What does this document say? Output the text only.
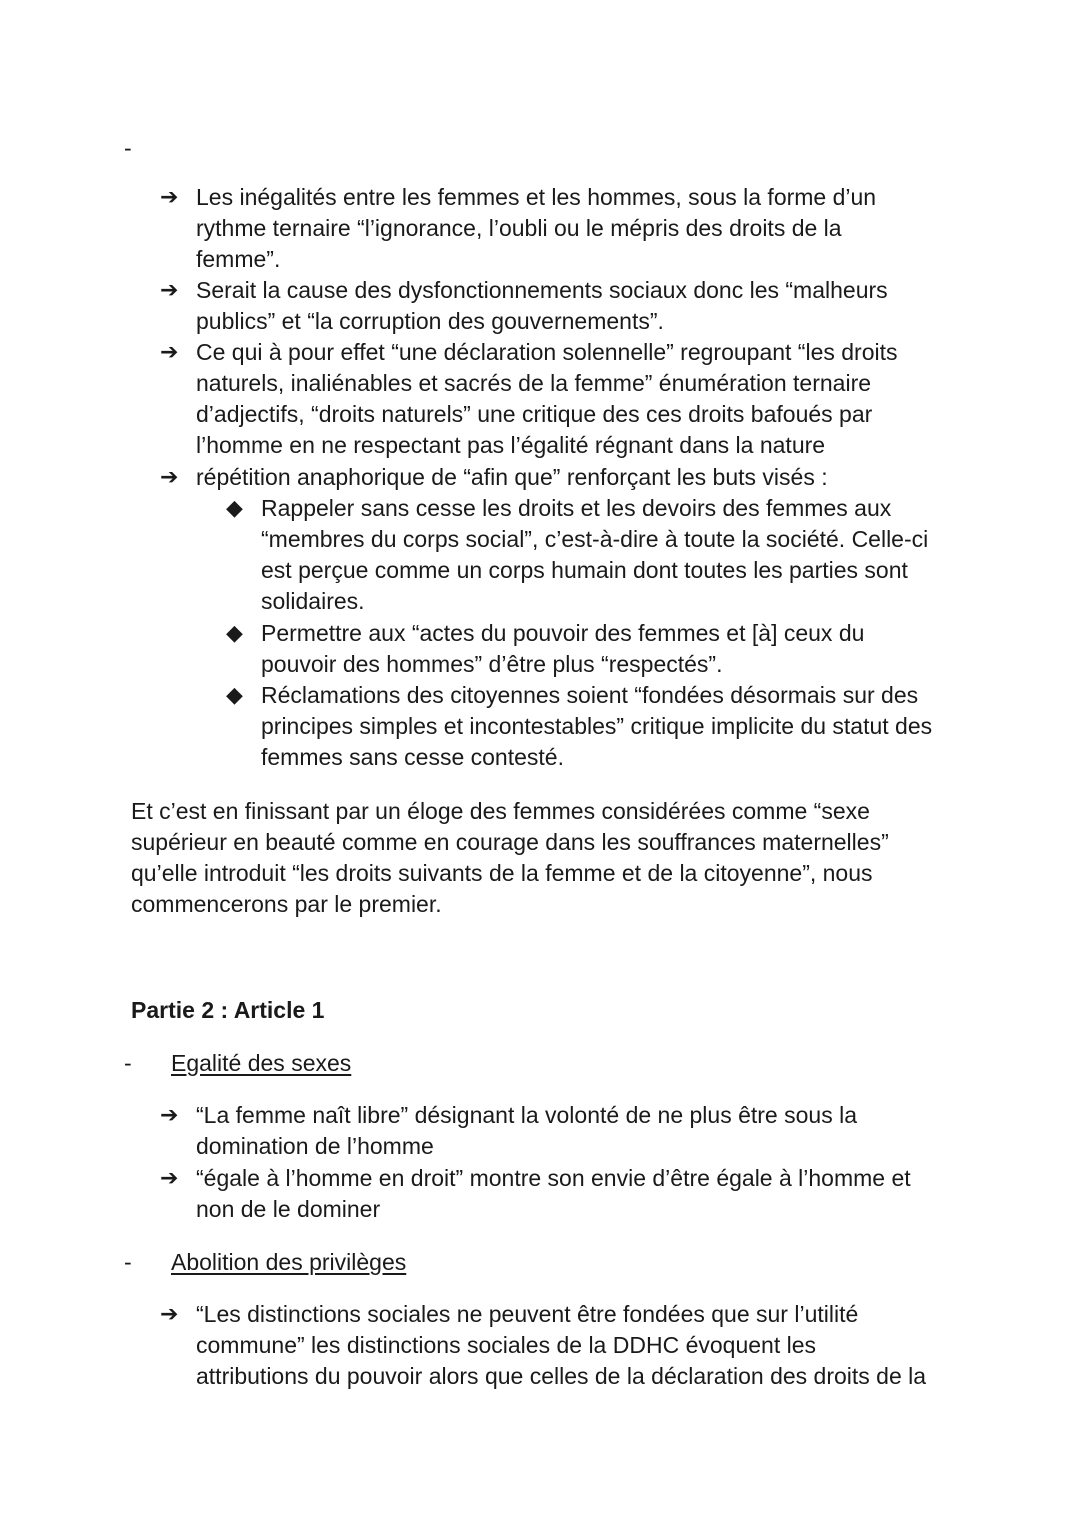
-
➔ Les inégalités entre les femmes et les hommes, sous la forme d’un

rythme ternaire “l’ignorance, l’oubli ou le mépris des droits de la

femme”.

➔ Serait la cause des dysfonctionnements sociaux donc les “malheurs

publics” et “la corruption des gouvernements”.

➔ Ce qui à pour effet “une déclaration solennelle” regroupant “les droits

naturels, inaliénables et sacrés de la femme” énumération ternaire

d’adjectifs, “droits naturels” une critique des ces droits bafoués par

l’homme en ne respectant pas l’égalité régnant dans la nature

➔ répétition anaphorique de “afin que” renforçant les buts visés :

◆ Rappeler sans cesse les droits et les devoirs des femmes aux

“membres du corps social”, c’est-à-dire à toute la société. Celle-ci

est perçue comme un corps humain dont toutes les parties sont

solidaires.

◆ Permettre aux “actes du pouvoir des femmes et [à] ceux du

pouvoir des hommes” d’être plus “respectés”.

◆ Réclamations des citoyennes soient “fondées désormais sur des

principes simples et incontestables” critique implicite du statut des

femmes sans cesse contesté.

Et c’est en finissant par un éloge des femmes considérées comme “sexe

supérieur en beauté comme en courage dans les souffrances maternelles”

qu’elle introduit “les droits suivants de la femme et de la citoyenne”, nous

commencerons par le premier.

Partie 2 : Article 1

- Egalité des sexes

➔ “La femme naît libre” désignant la volonté de ne plus être sous la

domination de l’homme

➔ “égale à l’homme en droit” montre son envie d’être égale à l’homme et

non de le dominer

- Abolition des privilèges

➔ “Les distinctions sociales ne peuvent être fondées que sur l’utilité

commune” les distinctions sociales de la DDHC évoquent les

attributions du pouvoir alors que celles de la déclaration des droits de la
